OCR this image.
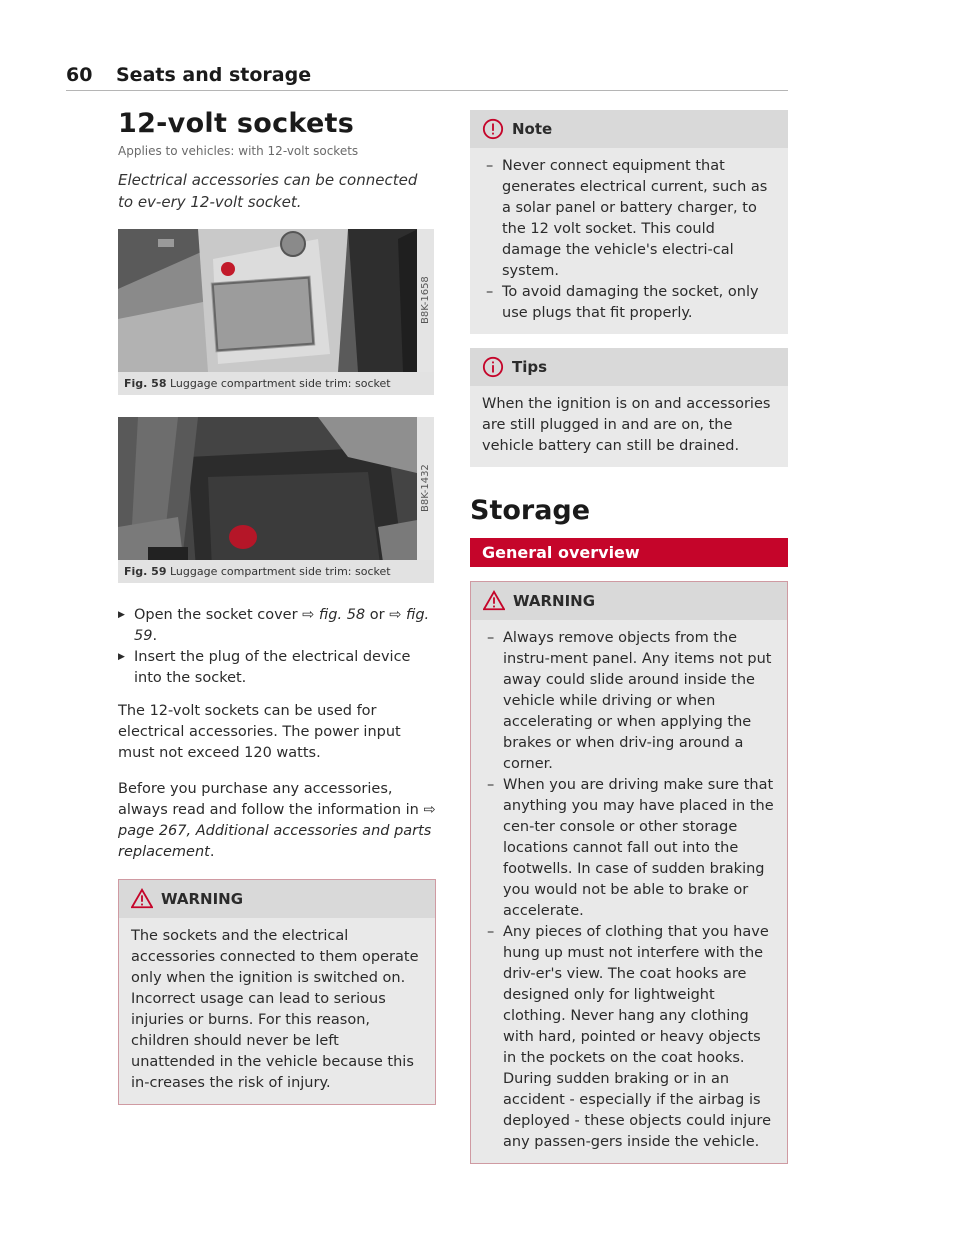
60 Seats and storage
12-volt sockets
Applies to vehicles: with 12-volt sockets
Electrical accessories can be connected to ev-ery 12-volt socket.
B8K-1658
Fig. 58 Luggage compartment side trim: socket
B8K-1432
Fig. 59 Luggage compartment side trim: socket
▶ Open the socket cover ⇨ fig. 58 or ⇨ fig. 59.
▶ Insert the plug of the electrical device into the socket.

The 12-volt sockets can be used for electrical accessories. The power input must not exceed 120 watts.

Before you purchase any accessories, always read and follow the information in ⇨ page 267, Additional accessories and parts replacement.

WARNING

The sockets and the electrical accessories connected to them operate only when the ignition is switched on. Incorrect usage can lead to serious injuries or burns. For this reason, children should never be left unattended in the vehicle because this in-creases the risk of injury.

Note
– Never connect equipment that generates electrical current, such as a solar panel or battery charger, to the 12 volt socket. This could damage the vehicle's electri-cal system.
– To avoid damaging the socket, only use plugs that fit properly.
Tips

When the ignition is on and accessories are still plugged in and are on, the vehicle battery can still be drained.

Storage
General overview
WARNING
– Always remove objects from the instru-ment panel. Any items not put away could slide around inside the vehicle while driving or when accelerating or when applying the brakes or when driv-ing around a corner.
– When you are driving make sure that anything you may have placed in the cen-ter console or other storage locations cannot fall out into the footwells. In case of sudden braking you would not be able to brake or accelerate.
– Any pieces of clothing that you have hung up must not interfere with the driv-er's view. The coat hooks are designed only for lightweight clothing. Never hang any clothing with hard, pointed or heavy objects in the pockets on the coat hooks. During sudden braking or in an accident - especially if the airbag is deployed - these objects could injure any passen-gers inside the vehicle.
